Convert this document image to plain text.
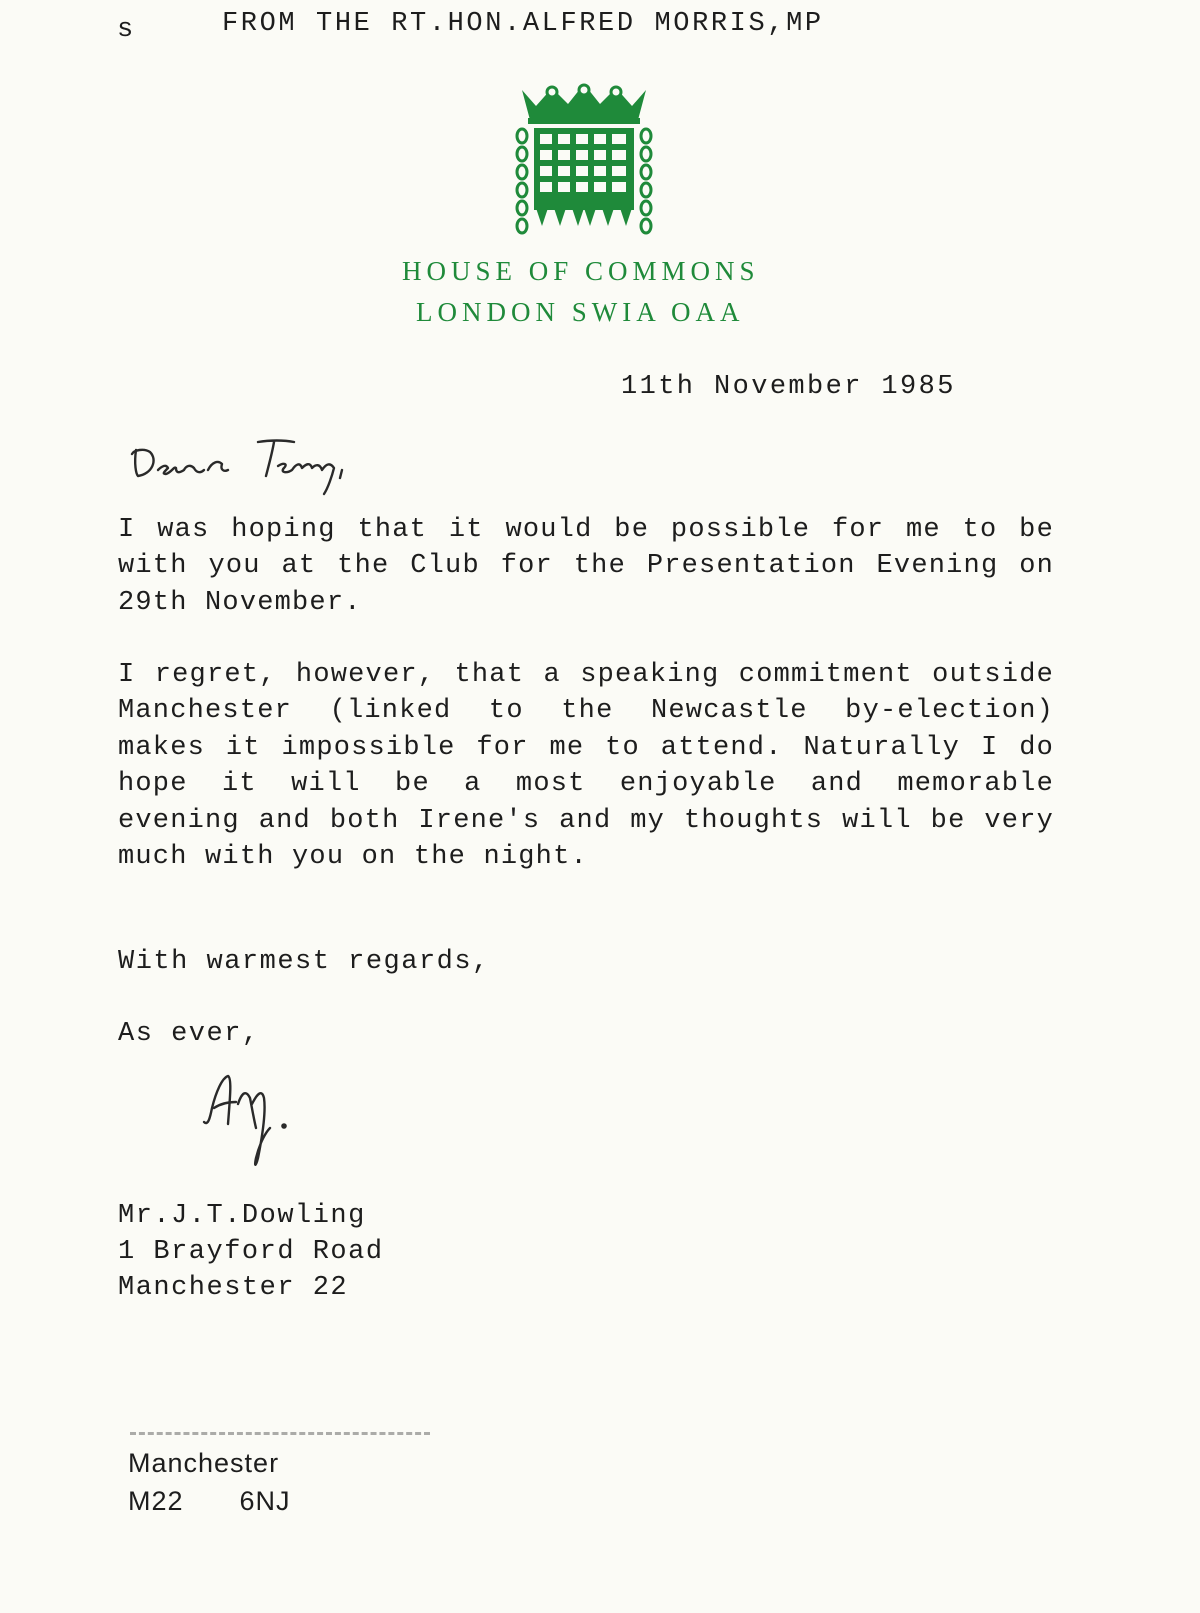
s	FROM THE RT.HON.ALFRED MORRIS,MP
HOUSE OF COMMONS
LONDON SWIA OAA
11th November 1985

I was hoping that it would be possible for me to be with you at the Club for the Presentation Evening on 29th November.

I regret, however, that a speaking commitment outside Manchester (linked to the Newcastle by-election) makes it impossible for me to attend. Naturally I do hope it will be a most enjoyable and memorable evening and both Irene's and my thoughts will be very much with you on the night.

With warmest regards,
As ever,
Mr.J.T.Dowling
1 Brayford Road
Manchester 22
Manchester
M22 6NJ
